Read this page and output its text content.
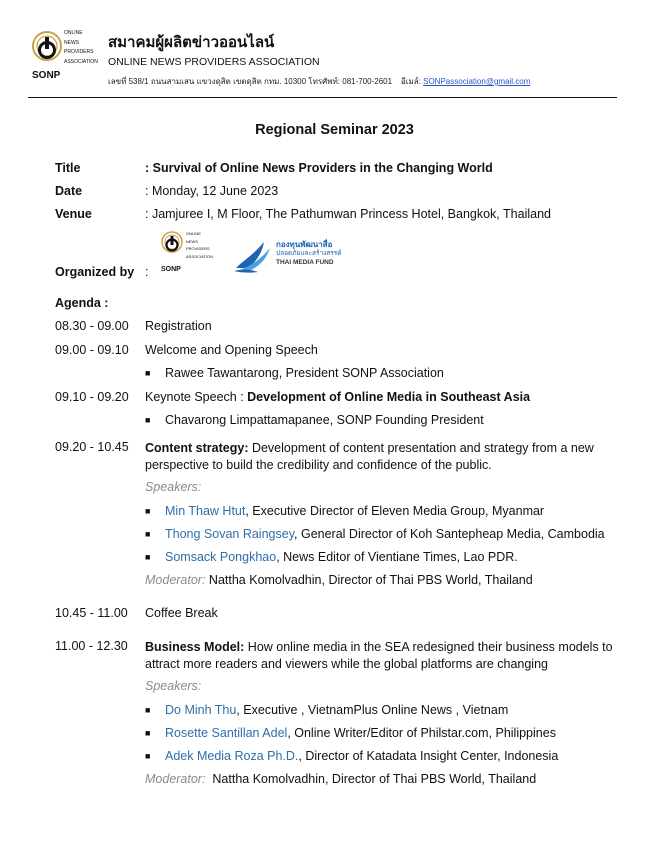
ONLINE
NEWS
PROVIDERS
ASSOCIATION
SONP
สมาคมผู้ผลิตข่าวออนไลน์
ONLINE NEWS PROVIDERS ASSOCIATION
เลขที่ 538/1 ถนนสามเสน แขวงดุสิต เขตดุสิต กทม. 10300 โทรศัพท์: 081-700-2601 อีเมล์: SONPassociation@gmail.com
Regional Seminar 2023
Title	: Survival of Online News Providers in the Changing World
Date	: Monday, 12 June 2023
Venue	: Jamjuree I, M Floor, The Pathumwan Princess Hotel, Bangkok, Thailand
Organized by :
ONLINE
NEWS
PROVIDERS
ASSOCIATION
SONP
กองทุนพัฒนาสื่อ
ปลอดภัยและสร้างสรรค์
THAI MEDIA FUND
Agenda :
08.30 - 09.00 Registration
09.00 - 09.10 Welcome and Opening Speech
■ Rawee Tawantarong, President SONP Association
09.10 - 09.20 Keynote Speech : Development of Online Media in Southeast Asia
■ Chavarong Limpattamapanee, SONP Founding President
09.20 - 10.45 Content strategy: Development of content presentation and strategy from a new perspective to build the credibility and confidence of the public.
Speakers:
■ Min Thaw Htut, Executive Director of Eleven Media Group, Myanmar
■ Thong Sovan Raingsey, General Director of Koh Santepheap Media, Cambodia
■ Somsack Pongkhao, News Editor of Vientiane Times, Lao PDR.
Moderator: Nattha Komolvadhin, Director of Thai PBS World, Thailand
10.45 - 11.00 Coffee Break
11.00 - 12.30 Business Model: How online media in the SEA redesigned their business models to attract more readers and viewers while the global platforms are changing
Speakers:
■ Do Minh Thu, Executive , VietnamPlus Online News , Vietnam
■ Rosette Santillan Adel, Online Writer/Editor of Philstar.com, Philippines
■ Adek Media Roza Ph.D., Director of Katadata Insight Center, Indonesia
Moderator:  Nattha Komolvadhin, Director of Thai PBS World, Thailand
